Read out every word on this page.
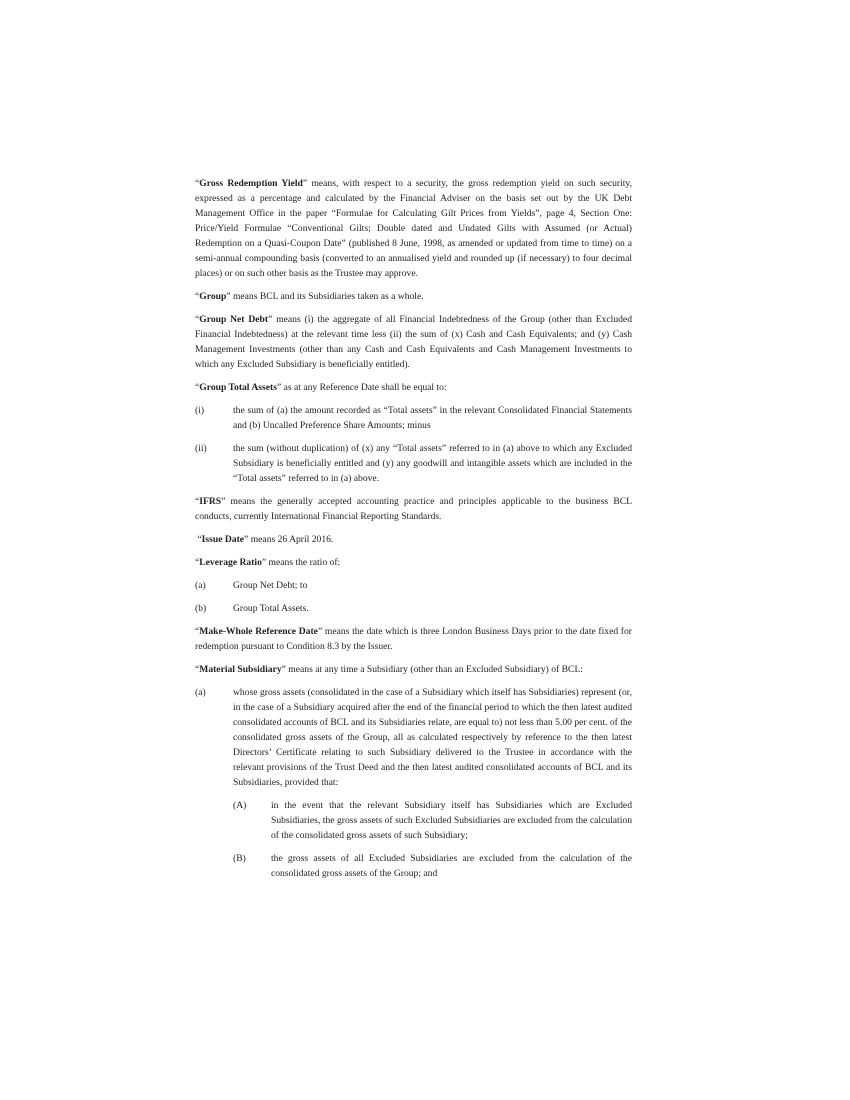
“Gross Redemption Yield” means, with respect to a security, the gross redemption yield on such security, expressed as a percentage and calculated by the Financial Adviser on the basis set out by the UK Debt Management Office in the paper “Formulae for Calculating Gilt Prices from Yields”, page 4, Section One: Price/Yield Formulae “Conventional Gilts; Double dated and Undated Gilts with Assumed (or Actual) Redemption on a Quasi-Coupon Date” (published 8 June, 1998, as amended or updated from time to time) on a semi-annual compounding basis (converted to an annualised yield and rounded up (if necessary) to four decimal places) or on such other basis as the Trustee may approve.

“Group” means BCL and its Subsidiaries taken as a whole.

“Group Net Debt” means (i) the aggregate of all Financial Indebtedness of the Group (other than Excluded Financial Indebtedness) at the relevant time less (ii) the sum of (x) Cash and Cash Equivalents; and (y) Cash Management Investments (other than any Cash and Cash Equivalents and Cash Management Investments to which any Excluded Subsidiary is beneficially entitled).

“Group Total Assets” as at any Reference Date shall be equal to:

(i)	the sum of (a) the amount recorded as “Total assets” in the relevant Consolidated Financial Statements and (b) Uncalled Preference Share Amounts; minus
(ii)	the sum (without duplication) of (x) any “Total assets” referred to in (a) above to which any Excluded Subsidiary is beneficially entitled and (y) any goodwill and intangible assets which are included in the “Total assets” referred to in (a) above.

“IFRS” means the generally accepted accounting practice and principles applicable to the business BCL conducts, currently International Financial Reporting Standards.

“Issue Date” means 26 April 2016.

“Leverage Ratio” means the ratio of:

(a)	Group Net Debt; to
(b)	Group Total Assets.

“Make-Whole Reference Date” means the date which is three London Business Days prior to the date fixed for redemption pursuant to Condition 8.3 by the Issuer.

“Material Subsidiary” means at any time a Subsidiary (other than an Excluded Subsidiary) of BCL:

(a)	whose gross assets (consolidated in the case of a Subsidiary which itself has Subsidiaries) represent (or, in the case of a Subsidiary acquired after the end of the financial period to which the then latest audited consolidated accounts of BCL and its Subsidiaries relate, are equal to) not less than 5.00 per cent. of the consolidated gross assets of the Group, all as calculated respectively by reference to the then latest Directors’ Certificate relating to such Subsidiary delivered to the Trustee in accordance with the relevant provisions of the Trust Deed and the then latest audited consolidated accounts of BCL and its Subsidiaries, provided that:
(A)	in the event that the relevant Subsidiary itself has Subsidiaries which are Excluded Subsidiaries, the gross assets of such Excluded Subsidiaries are excluded from the calculation of the consolidated gross assets of such Subsidiary;
(B)	the gross assets of all Excluded Subsidiaries are excluded from the calculation of the consolidated gross assets of the Group; and
